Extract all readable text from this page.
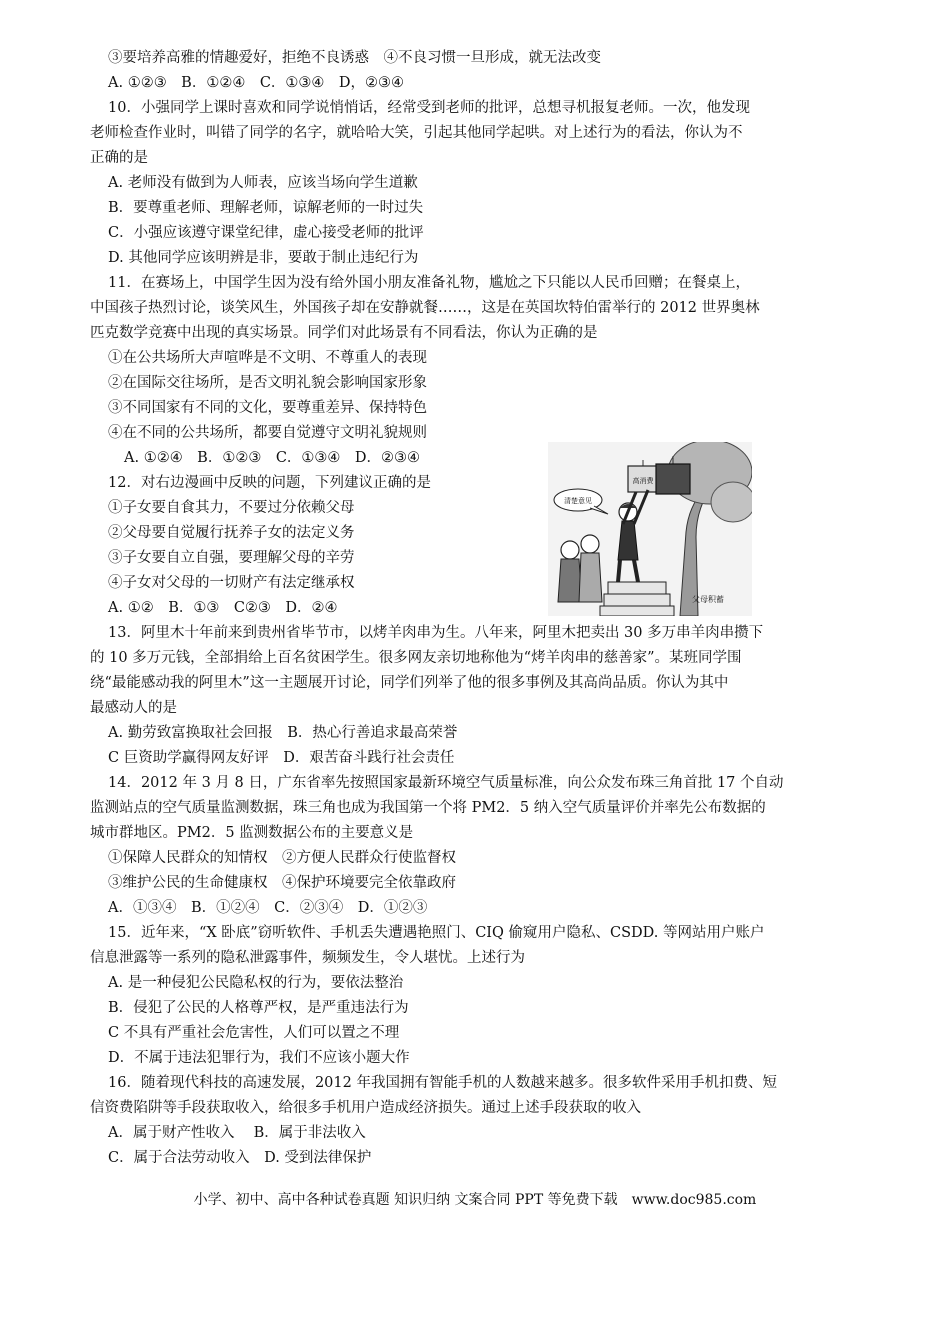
③要培养高雅的情趣爱好，拒绝不良诱惑　④不良习惯一旦形成，就无法改变
A. ①②③　B．①②④　C．①③④　D，②③④
10．小强同学上课时喜欢和同学说悄悄话，经常受到老师的批评，总想寻机报复老师。一次，他发现
老师检查作业时，叫错了同学的名字，就哈哈大笑，引起其他同学起哄。对上述行为的看法，你认为不
正确的是
A. 老师没有做到为人师表，应该当场向学生道歉
B．要尊重老师、理解老师，谅解老师的一时过失
C．小强应该遵守课堂纪律，虚心接受老师的批评
D. 其他同学应该明辨是非，要敢于制止违纪行为
11．在赛场上，中国学生因为没有给外国小朋友准备礼物，尴尬之下只能以人民币回赠；在餐桌上，
中国孩子热烈讨论，谈笑风生，外国孩子却在安静就餐……，这是在英国坎特伯雷举行的 2012 世界奥林
匹克数学竞赛中出现的真实场景。同学们对此场景有不同看法，你认为正确的是
①在公共场所大声喧哗是不文明、不尊重人的表现
②在国际交往场所，是否文明礼貌会影响国家形象
③不同国家有不同的文化，要尊重差异、保持特色
④在不同的公共场所，都要自觉遵守文明礼貌规则
A. ①②④　B．①②③　C．①③④　D．②③④
12．对右边漫画中反映的问题，下列建议正确的是
①子女要自食其力，不要过分依赖父母
②父母要自觉履行抚养子女的法定义务
③子女要自立自强，要理解父母的辛劳
④子女对父母的一切财产有法定继承权
A. ①②　B．①③　C②③　D．②④
13．阿里木十年前来到贵州省毕节市，以烤羊肉串为生。八年来，阿里木把卖出 30 多万串羊肉串攒下
的 10 多万元钱，全部捐给上百名贫困学生。很多网友亲切地称他为“烤羊肉串的慈善家”。某班同学围
绕“最能感动我的阿里木”这一主题展开讨论，同学们列举了他的很多事例及其高尚品质。你认为其中
最感动人的是
A. 勤劳致富换取社会回报　B．热心行善追求最高荣誉
C 巨资助学赢得网友好评　D．艰苦奋斗践行社会责任
14．2012 年 3 月 8 日，广东省率先按照国家最新环境空气质量标准，向公众发布珠三角首批 17 个自动
监测站点的空气质量监测数据，珠三角也成为我国第一个将 PM2．5 纳入空气质量评价并率先公布数据的
城市群地区。PM2．5 监测数据公布的主要意义是
①保障人民群众的知情权　②方便人民群众行使监督权
③维护公民的生命健康权　④保护环境要完全依靠政府
A．①③④　B．①②④　C．②③④　D．①②③
15．近年来，“X 卧底”窃听软件、手机丢失遭遇艳照门、CIQ 偷窥用户隐私、CSDD. 等网站用户账户
信息泄露等一系列的隐私泄露事件，频频发生，令人堪忧。上述行为
A. 是一种侵犯公民隐私权的行为，要依法整治
B．侵犯了公民的人格尊严权，是严重违法行为
C 不具有严重社会危害性，人们可以置之不理
D．不属于违法犯罪行为，我们不应该小题大作
16．随着现代科技的高速发展，2012 年我国拥有智能手机的人数越来越多。很多软件采用手机扣费、短
信资费陷阱等手段获取收入，给很多手机用户造成经济损失。通过上述手段获取的收入
A．属于财产性收入　 B．属于非法收入
C．属于合法劳动收入　D. 受到法律保护
高消费
清楚意见
父母积蓄
小学、初中、高中各种试卷真题 知识归纳 文案合同 PPT 等免费下载　www.doc985.com
